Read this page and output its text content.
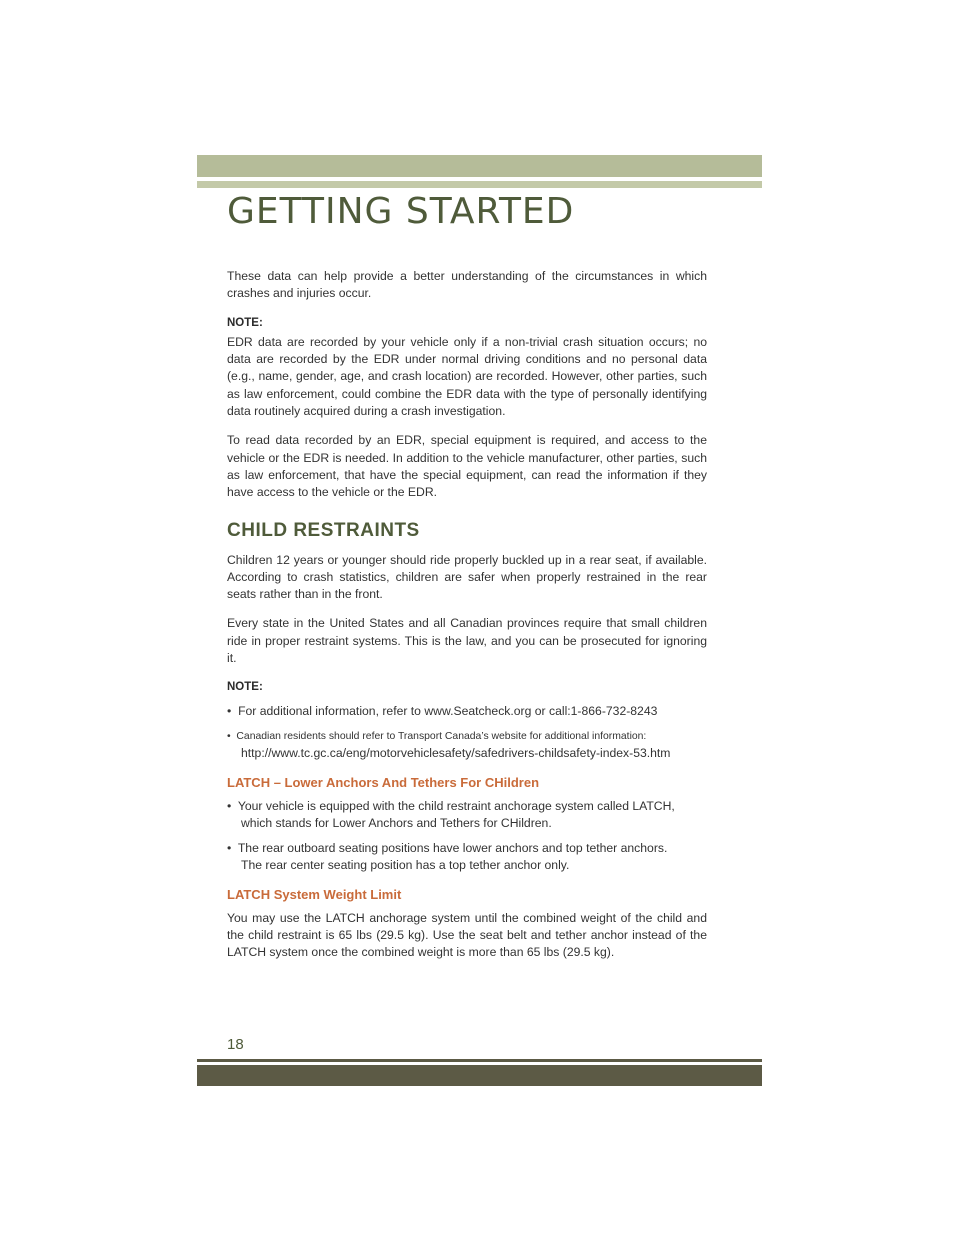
GETTING STARTED

These data can help provide a better understanding of the circumstances in which crashes and injuries occur.

NOTE:

EDR data are recorded by your vehicle only if a non-trivial crash situation occurs; no data are recorded by the EDR under normal driving conditions and no personal data (e.g., name, gender, age, and crash location) are recorded. However, other parties, such as law enforcement, could combine the EDR data with the type of personally identifying data routinely acquired during a crash investigation.

To read data recorded by an EDR, special equipment is required, and access to the vehicle or the EDR is needed. In addition to the vehicle manufacturer, other parties, such as law enforcement, that have the special equipment, can read the information if they have access to the vehicle or the EDR.

CHILD RESTRAINTS

Children 12 years or younger should ride properly buckled up in a rear seat, if available. According to crash statistics, children are safer when properly restrained in the rear seats rather than in the front.

Every state in the United States and all Canadian provinces require that small children ride in proper restraint systems. This is the law, and you can be prosecuted for ignoring it.

NOTE:
• For additional information, refer to www.Seatcheck.org or call:1-866-732-8243
• Canadian residents should refer to Transport Canada’s website for additional information:
http://www.tc.gc.ca/eng/motorvehiclesafety/safedrivers-childsafety-index-53.htm
LATCH – Lower Anchors And Tethers For CHildren
• Your vehicle is equipped with the child restraint anchorage system called LATCH,
which stands for Lower Anchors and Tethers for CHildren.
• The rear outboard seating positions have lower anchors and top tether anchors.
The rear center seating position has a top tether anchor only.
LATCH System Weight Limit

You may use the LATCH anchorage system until the combined weight of the child and the child restraint is 65 lbs (29.5 kg). Use the seat belt and tether anchor instead of the LATCH system once the combined weight is more than 65 lbs (29.5 kg).

18
